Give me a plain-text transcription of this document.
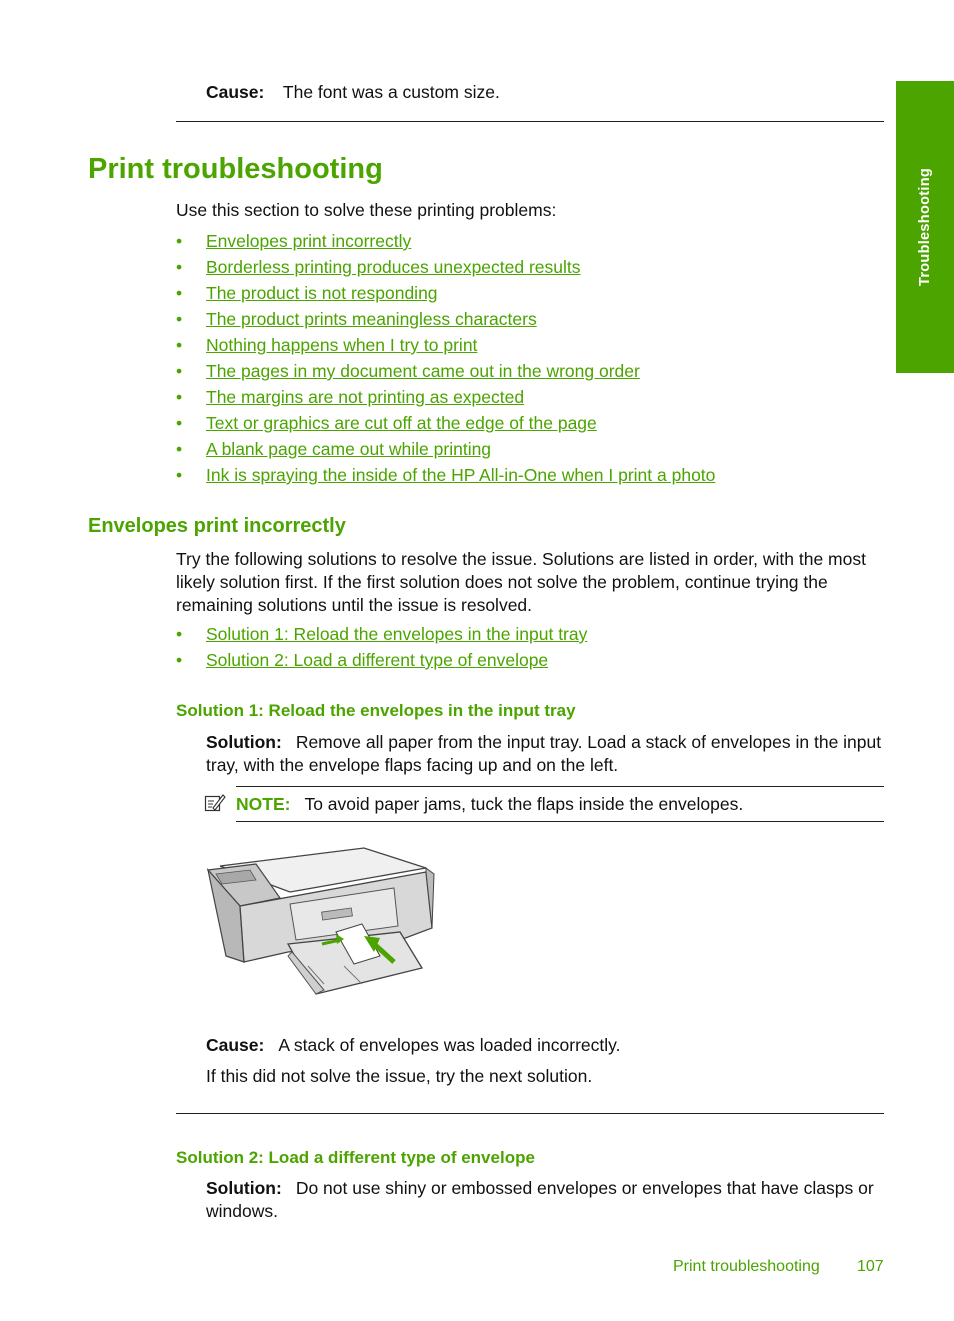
Cause: The font was a custom size.
Troubleshooting
Print troubleshooting
Use this section to solve these printing problems:
• Envelopes print incorrectly
• Borderless printing produces unexpected results
• The product is not responding
• The product prints meaningless characters
• Nothing happens when I try to print
• The pages in my document came out in the wrong order
• The margins are not printing as expected
• Text or graphics are cut off at the edge of the page
• A blank page came out while printing
• Ink is spraying the inside of the HP All-in-One when I print a photo
Envelopes print incorrectly
Try the following solutions to resolve the issue. Solutions are listed in order, with the most likely solution first. If the first solution does not solve the problem, continue trying the remaining solutions until the issue is resolved.
• Solution 1: Reload the envelopes in the input tray
• Solution 2: Load a different type of envelope
Solution 1: Reload the envelopes in the input tray
Solution: Remove all paper from the input tray. Load a stack of envelopes in the input tray, with the envelope flaps facing up and on the left.
NOTE: To avoid paper jams, tuck the flaps inside the envelopes.
Cause: A stack of envelopes was loaded incorrectly.
If this did not solve the issue, try the next solution.
Solution 2: Load a different type of envelope
Solution: Do not use shiny or embossed envelopes or envelopes that have clasps or windows.
Print troubleshooting 107
